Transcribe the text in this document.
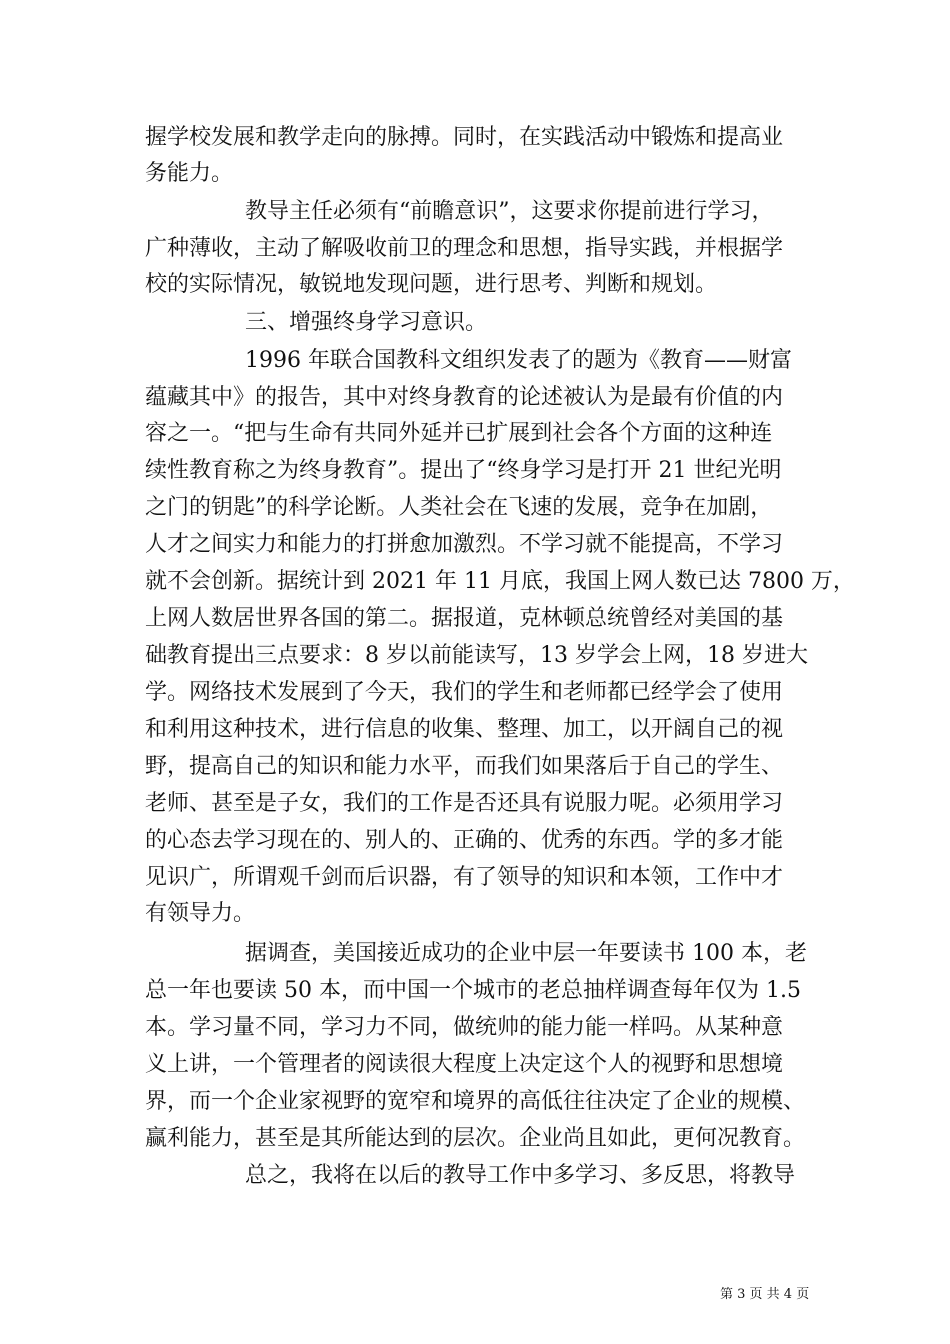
握学校发展和教学走向的脉搏。同时，在实践活动中锻炼和提高业
务能力。
教导主任必须有“前瞻意识”，这要求你提前进行学习，
广种薄收，主动了解吸收前卫的理念和思想，指导实践，并根据学
校的实际情况，敏锐地发现问题，进行思考、判断和规划。
三、增强终身学习意识。
1996 年联合国教科文组织发表了的题为《教育——财富
蕴藏其中》的报告，其中对终身教育的论述被认为是最有价值的内
容之一。“把与生命有共同外延并已扩展到社会各个方面的这种连
续性教育称之为终身教育”。提出了“终身学习是打开 21 世纪光明
之门的钥匙”的科学论断。人类社会在飞速的发展，竞争在加剧，
人才之间实力和能力的打拼愈加激烈。不学习就不能提高，不学习
就不会创新。据统计到 2021 年 11 月底，我国上网人数已达 7800 万，
上网人数居世界各国的第二。据报道，克林顿总统曾经对美国的基
础教育提出三点要求：8 岁以前能读写，13 岁学会上网，18 岁进大
学。网络技术发展到了今天，我们的学生和老师都已经学会了使用
和利用这种技术，进行信息的收集、整理、加工，以开阔自己的视
野，提高自己的知识和能力水平，而我们如果落后于自己的学生、
老师、甚至是子女，我们的工作是否还具有说服力呢。必须用学习
的心态去学习现在的、别人的、正确的、优秀的东西。学的多才能
见识广，所谓观千剑而后识器，有了领导的知识和本领，工作中才
有领导力。
据调查，美国接近成功的企业中层一年要读书 100 本，老
总一年也要读 50 本，而中国一个城市的老总抽样调查每年仅为 1.5
本。学习量不同，学习力不同，做统帅的能力能一样吗。从某种意
义上讲，一个管理者的阅读很大程度上决定这个人的视野和思想境
界，而一个企业家视野的宽窄和境界的高低往往决定了企业的规模、
赢利能力，甚至是其所能达到的层次。企业尚且如此，更何况教育。
总之，我将在以后的教导工作中多学习、多反思，将教导
第 3 页 共 4 页
